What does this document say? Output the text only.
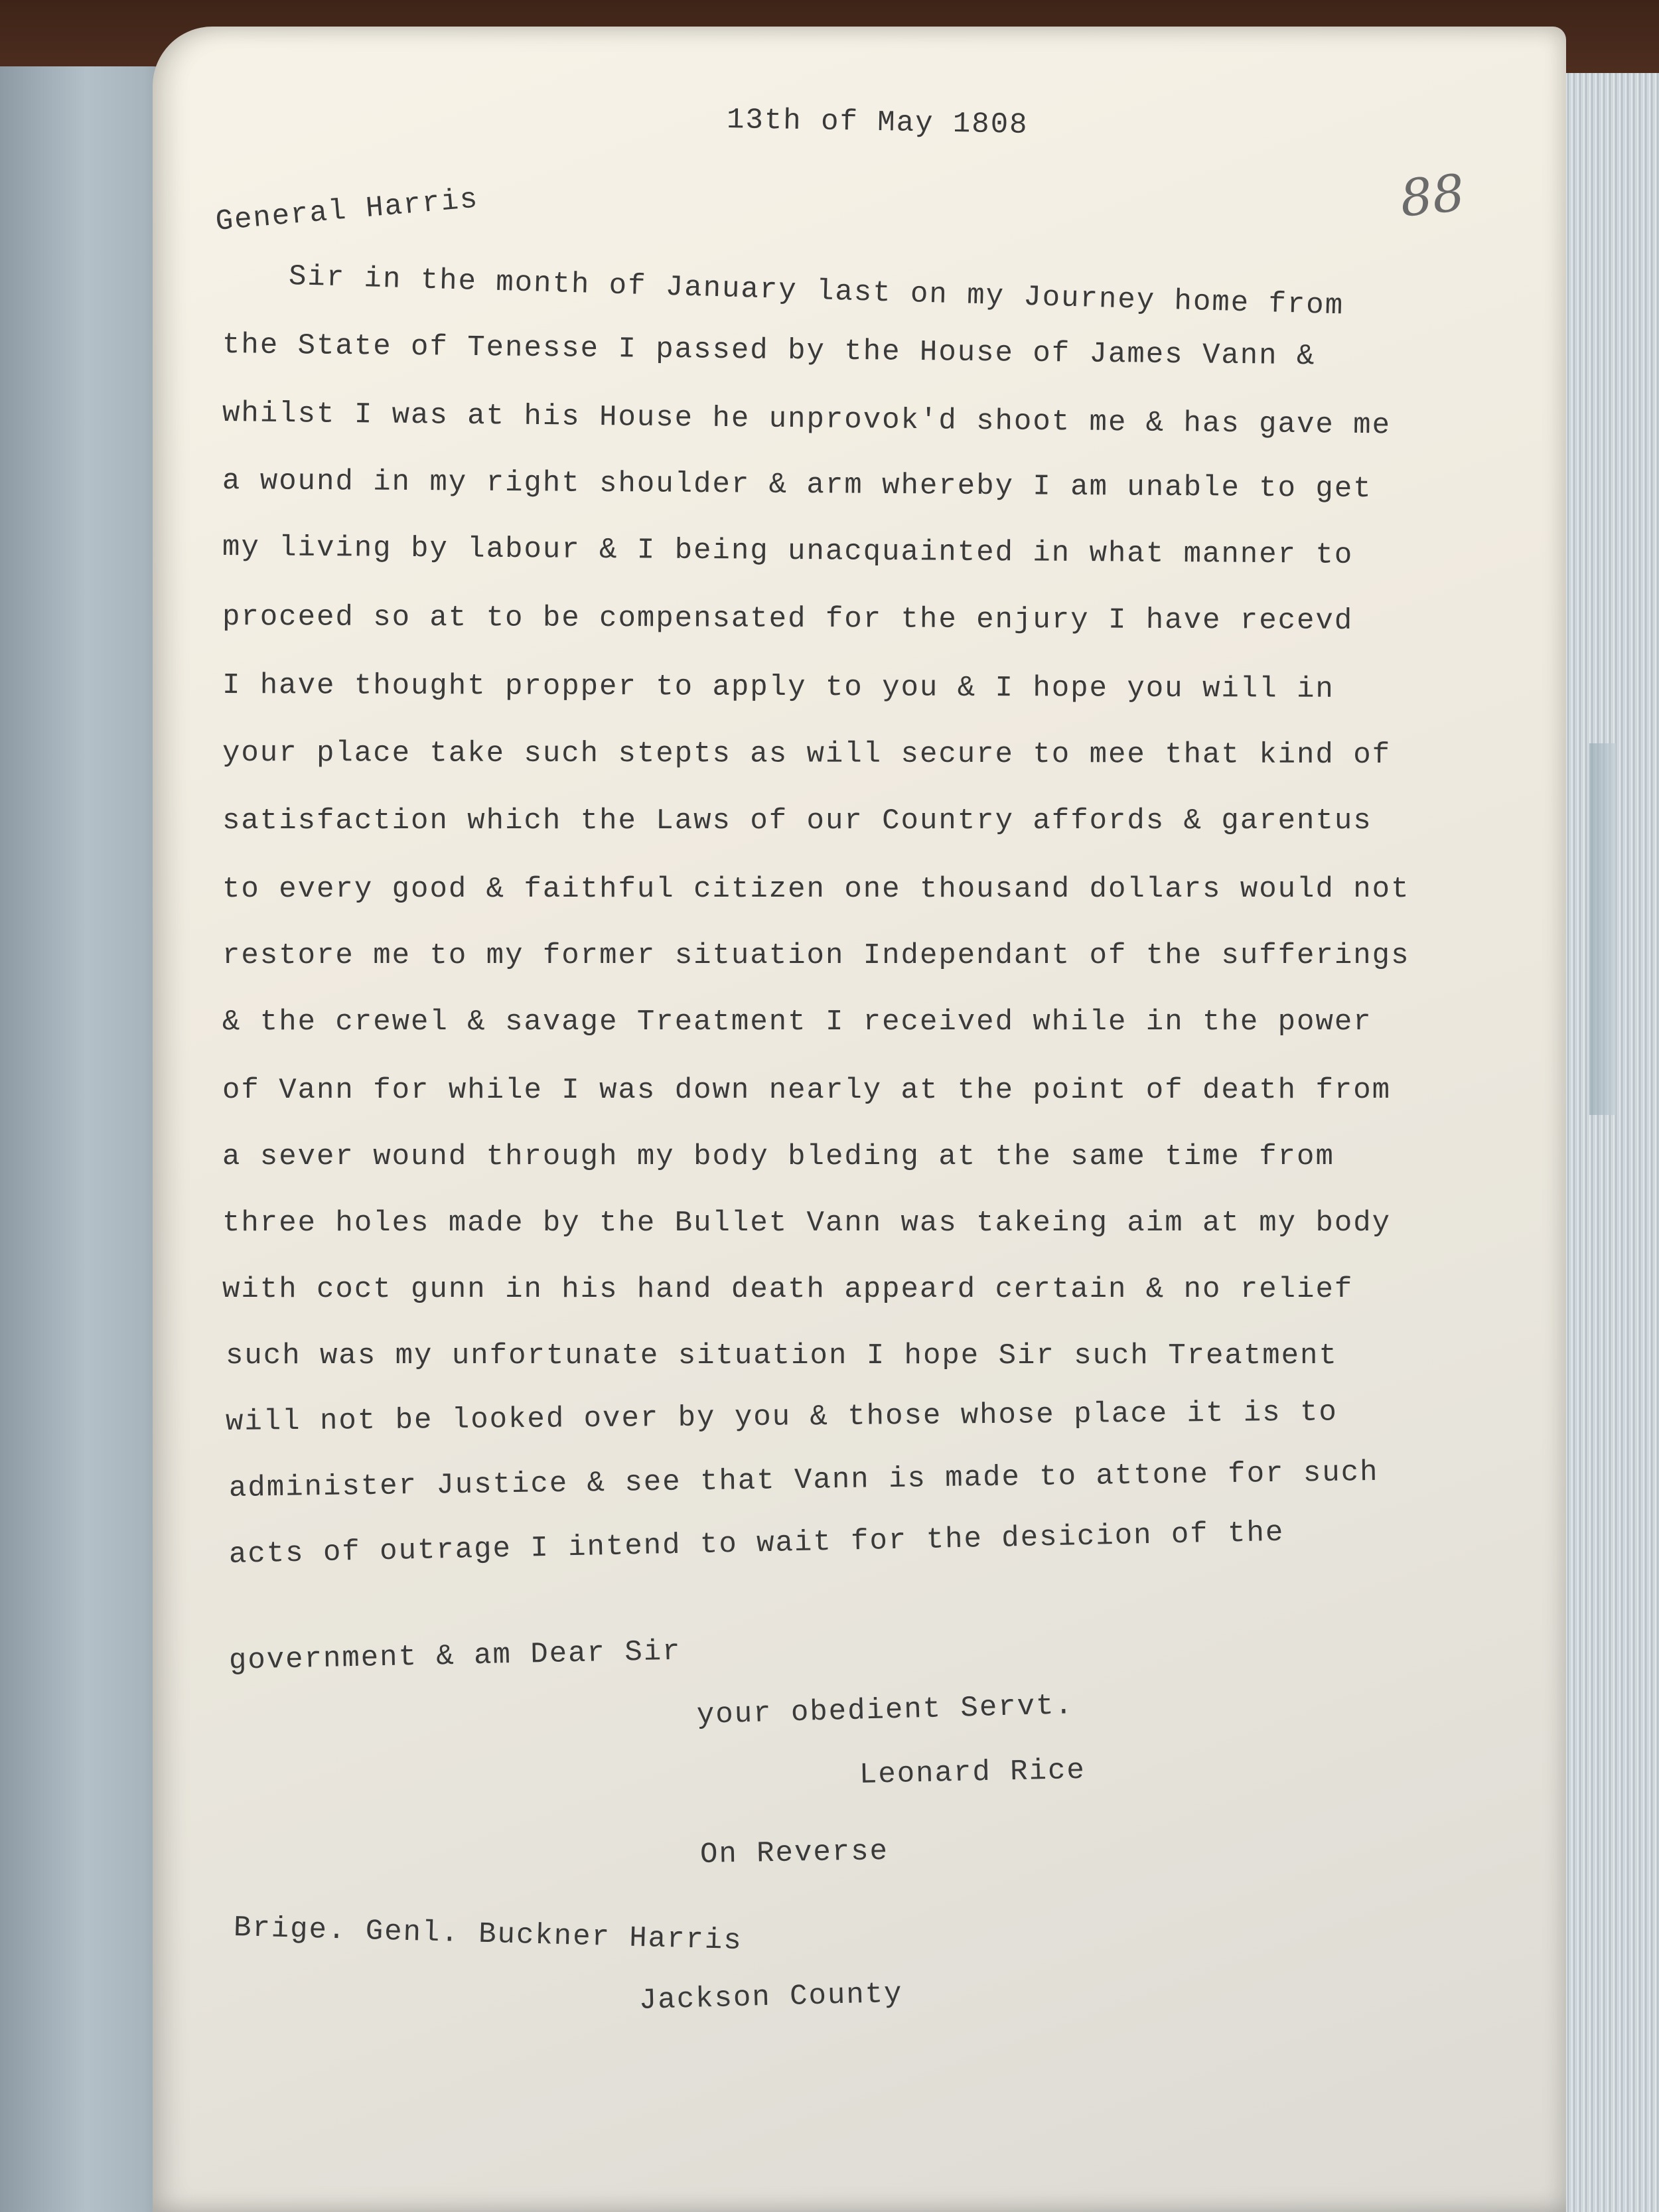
13th of May 1808
88
General Harris
Sir in the month of January last on my Journey home from
the State of Tenesse I passed by the House of James Vann &
whilst I was at his House he unprovok'd shoot me & has gave me
a wound in my right shoulder & arm whereby I am unable to get
my living by labour & I being unacquainted in what manner to
proceed so at to be compensated for the enjury I have recevd
I have thought propper to apply to you & I hope you will in
your place take such stepts as will secure to mee that kind of
satisfaction which the Laws of our Country affords & garentus
to every good & faithful citizen one thousand dollars would not
restore me to my former situation Independant of the sufferings
& the crewel & savage Treatment I received while in the power
of Vann for while I was down nearly at the point of death from
a sever wound through my body bleding at the same time from
three holes made by the Bullet Vann was takeing aim at my body
with coct gunn in his hand death appeard certain & no relief
such was my unfortunate situation I hope Sir such Treatment
will not be looked over by you & those whose place it is to
administer Justice & see that Vann is made to attone for such
acts of outrage I intend to wait for the desicion of the
government & am Dear Sir
your obedient Servt.
Leonard Rice
On Reverse
Brige. Genl. Buckner Harris
Jackson County
